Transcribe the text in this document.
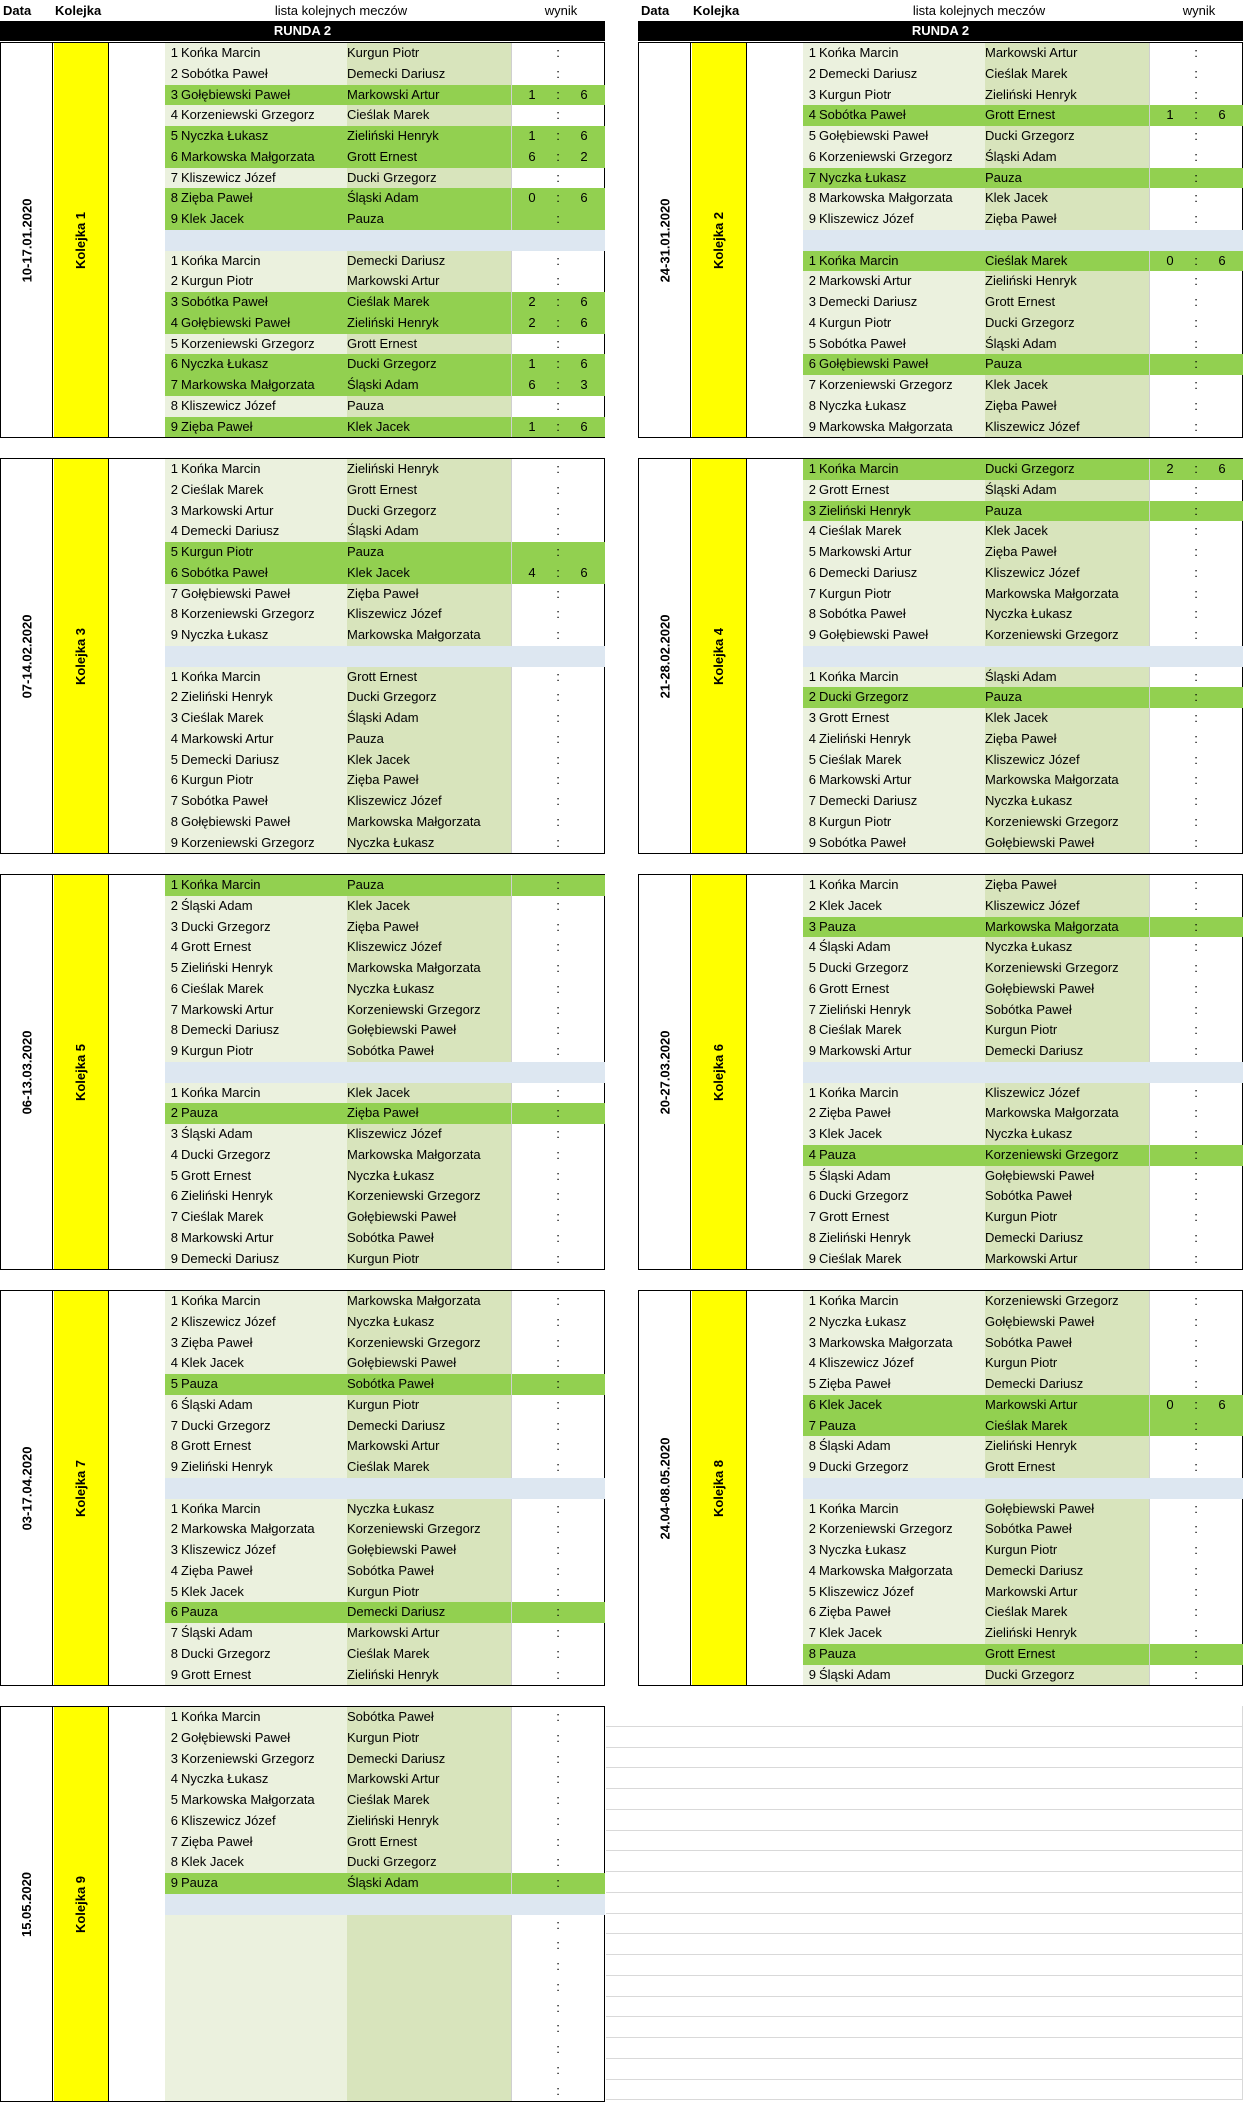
Data	Kolejka	lista kolejnych meczów	wynik	Data	Kolejka	lista kolejnych meczów	wynik
RUNDA 2	RUNDA 2
10-17.01.2020	Kolejka 1
1 Końka Marcin	Kurgun Piotr	:
2 Sobótka Paweł	Demecki Dariusz	:
3 Gołębiewski Paweł	Markowski Artur	1	:	6
4 Korzeniewski Grzegorz	Cieślak Marek	:
5 Nyczka Łukasz	Zieliński Henryk	1	:	6
6 Markowska Małgorzata	Grott Ernest	6	:	2
7 Kliszewicz Józef	Ducki Grzegorz	:
8 Zięba Paweł	Śląski Adam	0	:	6
9 Klek Jacek	Pauza	:
1 Końka Marcin	Demecki Dariusz	:
2 Kurgun Piotr	Markowski Artur	:
3 Sobótka Paweł	Cieślak Marek	2	:	6
4 Gołębiewski Paweł	Zieliński Henryk	2	:	6
5 Korzeniewski Grzegorz	Grott Ernest	:
6 Nyczka Łukasz	Ducki Grzegorz	1	:	6
7 Markowska Małgorzata	Śląski Adam	6	:	3
8 Kliszewicz Józef	Pauza	:
9 Zięba Paweł	Klek Jacek	1	:	6
24-31.01.2020	Kolejka 2
1 Końka Marcin	Markowski Artur	:
2 Demecki Dariusz	Cieślak Marek	:
3 Kurgun Piotr	Zieliński Henryk	:
4 Sobótka Paweł	Grott Ernest	1	:	6
5 Gołębiewski Paweł	Ducki Grzegorz	:
6 Korzeniewski Grzegorz	Śląski Adam	:
7 Nyczka Łukasz	Pauza	:
8 Markowska Małgorzata	Klek Jacek	:
9 Kliszewicz Józef	Zięba Paweł	:
1 Końka Marcin	Cieślak Marek	0	:	6
2 Markowski Artur	Zieliński Henryk	:
3 Demecki Dariusz	Grott Ernest	:
4 Kurgun Piotr	Ducki Grzegorz	:
5 Sobótka Paweł	Śląski Adam	:
6 Gołębiewski Paweł	Pauza	:
7 Korzeniewski Grzegorz	Klek Jacek	:
8 Nyczka Łukasz	Zięba Paweł	:
9 Markowska Małgorzata	Kliszewicz Józef	:
07-14.02.2020	Kolejka 3
1 Końka Marcin	Zieliński Henryk	:
2 Cieślak Marek	Grott Ernest	:
3 Markowski Artur	Ducki Grzegorz	:
4 Demecki Dariusz	Śląski Adam	:
5 Kurgun Piotr	Pauza	:
6 Sobótka Paweł	Klek Jacek	4	:	6
7 Gołębiewski Paweł	Zięba Paweł	:
8 Korzeniewski Grzegorz	Kliszewicz Józef	:
9 Nyczka Łukasz	Markowska Małgorzata	:
1 Końka Marcin	Grott Ernest	:
2 Zieliński Henryk	Ducki Grzegorz	:
3 Cieślak Marek	Śląski Adam	:
4 Markowski Artur	Pauza	:
5 Demecki Dariusz	Klek Jacek	:
6 Kurgun Piotr	Zięba Paweł	:
7 Sobótka Paweł	Kliszewicz Józef	:
8 Gołębiewski Paweł	Markowska Małgorzata	:
9 Korzeniewski Grzegorz	Nyczka Łukasz	:
21-28.02.2020	Kolejka 4
1 Końka Marcin	Ducki Grzegorz	2	:	6
2 Grott Ernest	Śląski Adam	:
3 Zieliński Henryk	Pauza	:
4 Cieślak Marek	Klek Jacek	:
5 Markowski Artur	Zięba Paweł	:
6 Demecki Dariusz	Kliszewicz Józef	:
7 Kurgun Piotr	Markowska Małgorzata	:
8 Sobótka Paweł	Nyczka Łukasz	:
9 Gołębiewski Paweł	Korzeniewski Grzegorz	:
1 Końka Marcin	Śląski Adam	:
2 Ducki Grzegorz	Pauza	:
3 Grott Ernest	Klek Jacek	:
4 Zieliński Henryk	Zięba Paweł	:
5 Cieślak Marek	Kliszewicz Józef	:
6 Markowski Artur	Markowska Małgorzata	:
7 Demecki Dariusz	Nyczka Łukasz	:
8 Kurgun Piotr	Korzeniewski Grzegorz	:
9 Sobótka Paweł	Gołębiewski Paweł	:
06-13.03.2020	Kolejka 5
1 Końka Marcin	Pauza	:
2 Śląski Adam	Klek Jacek	:
3 Ducki Grzegorz	Zięba Paweł	:
4 Grott Ernest	Kliszewicz Józef	:
5 Zieliński Henryk	Markowska Małgorzata	:
6 Cieślak Marek	Nyczka Łukasz	:
7 Markowski Artur	Korzeniewski Grzegorz	:
8 Demecki Dariusz	Gołębiewski Paweł	:
9 Kurgun Piotr	Sobótka Paweł	:
1 Końka Marcin	Klek Jacek	:
2 Pauza	Zięba Paweł	:
3 Śląski Adam	Kliszewicz Józef	:
4 Ducki Grzegorz	Markowska Małgorzata	:
5 Grott Ernest	Nyczka Łukasz	:
6 Zieliński Henryk	Korzeniewski Grzegorz	:
7 Cieślak Marek	Gołębiewski Paweł	:
8 Markowski Artur	Sobótka Paweł	:
9 Demecki Dariusz	Kurgun Piotr	:
20-27.03.2020	Kolejka 6
1 Końka Marcin	Zięba Paweł	:
2 Klek Jacek	Kliszewicz Józef	:
3 Pauza	Markowska Małgorzata	:
4 Śląski Adam	Nyczka Łukasz	:
5 Ducki Grzegorz	Korzeniewski Grzegorz	:
6 Grott Ernest	Gołębiewski Paweł	:
7 Zieliński Henryk	Sobótka Paweł	:
8 Cieślak Marek	Kurgun Piotr	:
9 Markowski Artur	Demecki Dariusz	:
1 Końka Marcin	Kliszewicz Józef	:
2 Zięba Paweł	Markowska Małgorzata	:
3 Klek Jacek	Nyczka Łukasz	:
4 Pauza	Korzeniewski Grzegorz	:
5 Śląski Adam	Gołębiewski Paweł	:
6 Ducki Grzegorz	Sobótka Paweł	:
7 Grott Ernest	Kurgun Piotr	:
8 Zieliński Henryk	Demecki Dariusz	:
9 Cieślak Marek	Markowski Artur	:
03-17.04.2020	Kolejka 7
1 Końka Marcin	Markowska Małgorzata	:
2 Kliszewicz Józef	Nyczka Łukasz	:
3 Zięba Paweł	Korzeniewski Grzegorz	:
4 Klek Jacek	Gołębiewski Paweł	:
5 Pauza	Sobótka Paweł	:
6 Śląski Adam	Kurgun Piotr	:
7 Ducki Grzegorz	Demecki Dariusz	:
8 Grott Ernest	Markowski Artur	:
9 Zieliński Henryk	Cieślak Marek	:
1 Końka Marcin	Nyczka Łukasz	:
2 Markowska Małgorzata	Korzeniewski Grzegorz	:
3 Kliszewicz Józef	Gołębiewski Paweł	:
4 Zięba Paweł	Sobótka Paweł	:
5 Klek Jacek	Kurgun Piotr	:
6 Pauza	Demecki Dariusz	:
7 Śląski Adam	Markowski Artur	:
8 Ducki Grzegorz	Cieślak Marek	:
9 Grott Ernest	Zieliński Henryk	:
24.04-08.05.2020	Kolejka 8
1 Końka Marcin	Korzeniewski Grzegorz	:
2 Nyczka Łukasz	Gołębiewski Paweł	:
3 Markowska Małgorzata	Sobótka Paweł	:
4 Kliszewicz Józef	Kurgun Piotr	:
5 Zięba Paweł	Demecki Dariusz	:
6 Klek Jacek	Markowski Artur	0	:	6
7 Pauza	Cieślak Marek	:
8 Śląski Adam	Zieliński Henryk	:
9 Ducki Grzegorz	Grott Ernest	:
1 Końka Marcin	Gołębiewski Paweł	:
2 Korzeniewski Grzegorz	Sobótka Paweł	:
3 Nyczka Łukasz	Kurgun Piotr	:
4 Markowska Małgorzata	Demecki Dariusz	:
5 Kliszewicz Józef	Markowski Artur	:
6 Zięba Paweł	Cieślak Marek	:
7 Klek Jacek	Zieliński Henryk	:
8 Pauza	Grott Ernest	:
9 Śląski Adam	Ducki Grzegorz	:
15.05.2020	Kolejka 9
1 Końka Marcin	Sobótka Paweł	:
2 Gołębiewski Paweł	Kurgun Piotr	:
3 Korzeniewski Grzegorz	Demecki Dariusz	:
4 Nyczka Łukasz	Markowski Artur	:
5 Markowska Małgorzata	Cieślak Marek	:
6 Kliszewicz Józef	Zieliński Henryk	:
7 Zięba Paweł	Grott Ernest	:
8 Klek Jacek	Ducki Grzegorz	:
9 Pauza	Śląski Adam	:
:
:
:
:
:
:
:
:
:
